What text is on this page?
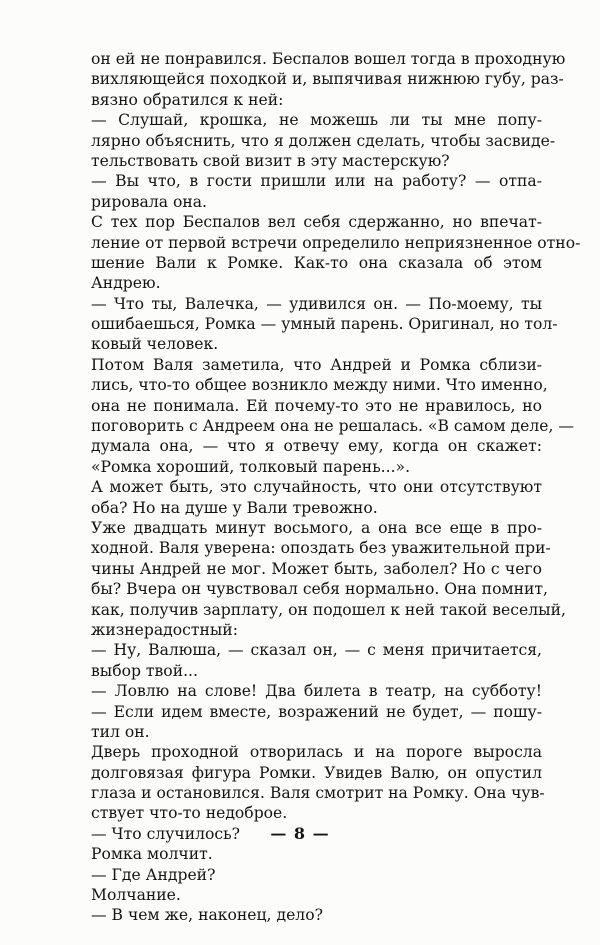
он ей не понравился. Беспалов вошел тогда в проходную
вихляющейся походкой и, выпячивая нижнюю губу, раз-
вязно обратился к ней:
— Слушай, крошка, не можешь ли ты мне попу-
лярно объяснить, что я должен сделать, чтобы засвиде-
тельствовать свой визит в эту мастерскую?
— Вы что, в гости пришли или на работу? — отпа-
рировала она.
С тех пор Беспалов вел себя сдержанно, но впечат-
ление от первой встречи определило неприязненное отно-
шение Вали к Ромке. Как-то она сказала об этом
Андрею.
— Что ты, Валечка, — удивился он. — По-моему, ты
ошибаешься, Ромка — умный парень. Оригинал, но тол-
ковый человек.
Потом Валя заметила, что Андрей и Ромка сблизи-
лись, что-то общее возникло между ними. Что именно,
она не понимала. Ей почему-то это не нравилось, но
поговорить с Андреем она не решалась. «В самом деле, —
думала она, — что я отвечу ему, когда он скажет:
«Ромка хороший, толковый парень...».
А может быть, это случайность, что они отсутствуют
оба? Но на душе у Вали тревожно.
Уже двадцать минут восьмого, а она все еще в про-
ходной. Валя уверена: опоздать без уважительной при-
чины Андрей не мог. Может быть, заболел? Но с чего
бы? Вчера он чувствовал себя нормально. Она помнит,
как, получив зарплату, он подошел к ней такой веселый,
жизнерадостный:
— Ну, Валюша, — сказал он, — с меня причитается,
выбор твой...
— Ловлю на слове! Два билета в театр, на субботу!
— Если идем вместе, возражений не будет, — пошу-
тил он.
Дверь проходной отворилась и на пороге выросла
долговязая фигура Ромки. Увидев Валю, он опустил
глаза и остановился. Валя смотрит на Ромку. Она чув-
ствует что-то недоброе.
— Что случилось?
Ромка молчит.
— Где Андрей?
Молчание.
— В чем же, наконец, дело?
— 8 —
